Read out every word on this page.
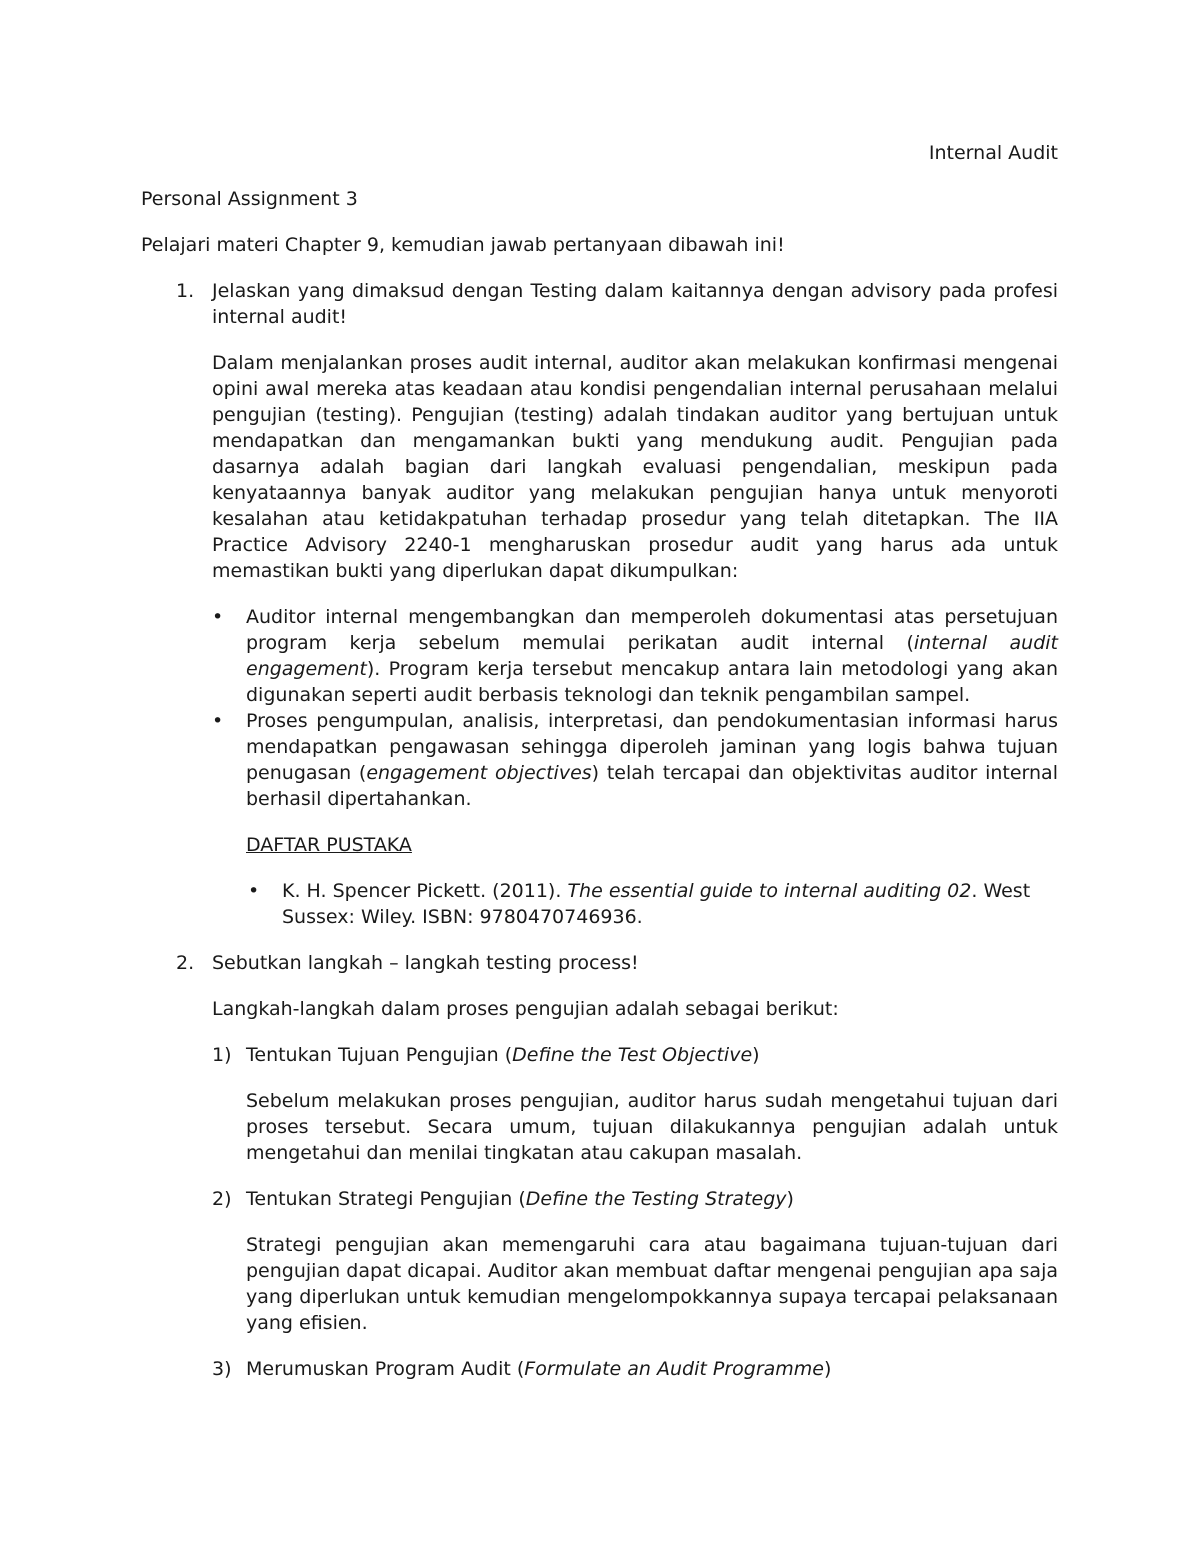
Internal Audit

Personal Assignment 3

Pelajari materi Chapter 9, kemudian jawab pertanyaan dibawah ini!

1. Jelaskan yang dimaksud dengan Testing dalam kaitannya dengan advisory pada profesi internal audit!

Dalam menjalankan proses audit internal, auditor akan melakukan konfirmasi mengenai opini awal mereka atas keadaan atau kondisi pengendalian internal perusahaan melalui pengujian (testing). Pengujian (testing) adalah tindakan auditor yang bertujuan untuk mendapatkan dan mengamankan bukti yang mendukung audit. Pengujian pada dasarnya adalah bagian dari langkah evaluasi pengendalian, meskipun pada kenyataannya banyak auditor yang melakukan pengujian hanya untuk menyoroti kesalahan atau ketidakpatuhan terhadap prosedur yang telah ditetapkan. The IIA Practice Advisory 2240-1 mengharuskan prosedur audit yang harus ada untuk memastikan bukti yang diperlukan dapat dikumpulkan:

• Auditor internal mengembangkan dan memperoleh dokumentasi atas persetujuan program kerja sebelum memulai perikatan audit internal (internal audit engagement). Program kerja tersebut mencakup antara lain metodologi yang akan digunakan seperti audit berbasis teknologi dan teknik pengambilan sampel.
• Proses pengumpulan, analisis, interpretasi, dan pendokumentasian informasi harus mendapatkan pengawasan sehingga diperoleh jaminan yang logis bahwa tujuan penugasan (engagement objectives) telah tercapai dan objektivitas auditor internal berhasil dipertahankan.

DAFTAR PUSTAKA

• K. H. Spencer Pickett. (2011). The essential guide to internal auditing 02. West Sussex: Wiley. ISBN: 9780470746936.
2. Sebutkan langkah – langkah testing process!

Langkah-langkah dalam proses pengujian adalah sebagai berikut:

1) Tentukan Tujuan Pengujian (Define the Test Objective)

Sebelum melakukan proses pengujian, auditor harus sudah mengetahui tujuan dari proses tersebut. Secara umum, tujuan dilakukannya pengujian adalah untuk mengetahui dan menilai tingkatan atau cakupan masalah.

2) Tentukan Strategi Pengujian (Define the Testing Strategy)

Strategi pengujian akan memengaruhi cara atau bagaimana tujuan-tujuan dari pengujian dapat dicapai. Auditor akan membuat daftar mengenai pengujian apa saja yang diperlukan untuk kemudian mengelompokkannya supaya tercapai pelaksanaan yang efisien.

3) Merumuskan Program Audit (Formulate an Audit Programme)
